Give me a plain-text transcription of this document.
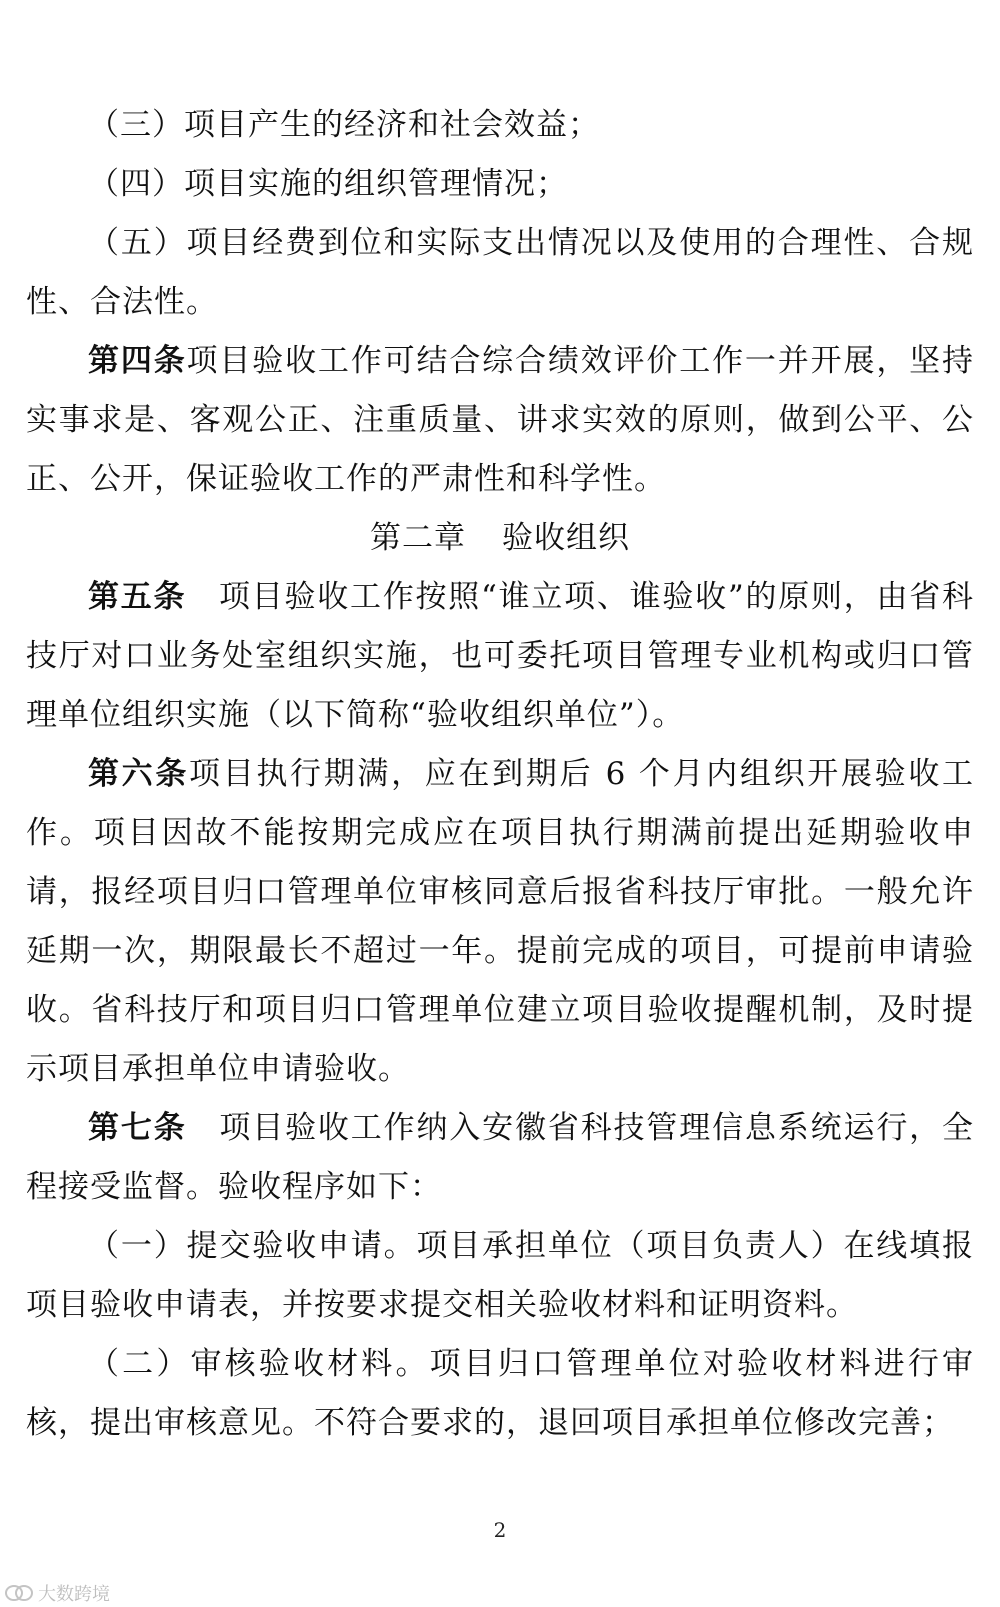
（三）项目产生的经济和社会效益；

（四）项目实施的组织管理情况；

（五）项目经费到位和实际支出情况以及使用的合理性、合规性、合法性。

第四条项目验收工作可结合综合绩效评价工作一并开展，坚持实事求是、客观公正、注重质量、讲求实效的原则，做到公平、公正、公开，保证验收工作的严肃性和科学性。

第二章 验收组织

第五条　项目验收工作按照“谁立项、谁验收”的原则，由省科技厅对口业务处室组织实施，也可委托项目管理专业机构或归口管理单位组织实施（以下简称“验收组织单位”）。

第六条项目执行期满，应在到期后 6 个月内组织开展验收工作。项目因故不能按期完成应在项目执行期满前提出延期验收申请，报经项目归口管理单位审核同意后报省科技厅审批。一般允许延期一次，期限最长不超过一年。提前完成的项目，可提前申请验收。省科技厅和项目归口管理单位建立项目验收提醒机制，及时提示项目承担单位申请验收。

第七条　项目验收工作纳入安徽省科技管理信息系统运行，全程接受监督。验收程序如下：

（一）提交验收申请。项目承担单位（项目负责人）在线填报项目验收申请表，并按要求提交相关验收材料和证明资料。

（二）审核验收材料。项目归口管理单位对验收材料进行审核，提出审核意见。不符合要求的，退回项目承担单位修改完善；

2
大数跨境
